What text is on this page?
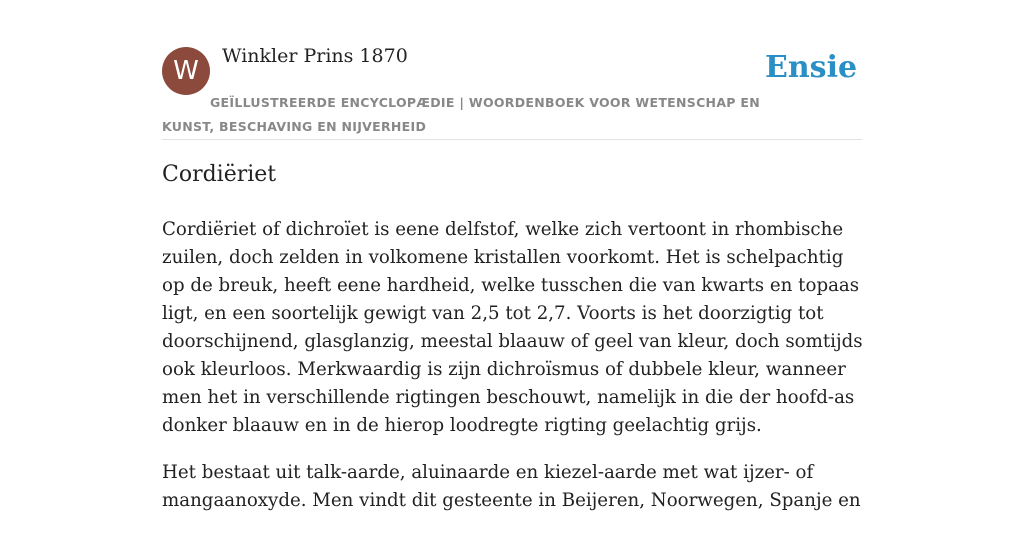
W	Winkler Prins 1870	Ensie
GEÏLLUSTREERDE ENCYCLOPÆDIE | WOORDENBOEK VOOR WETENSCHAP EN KUNST, BESCHAVING EN NIJVERHEID
Cordiëriet

Cordiëriet of dichroïet is eene delfstof, welke zich vertoont in rhombische zuilen, doch zelden in volkomene kristallen voorkomt. Het is schelpachtig op de breuk, heeft eene hardheid, welke tusschen die van kwarts en topaas ligt, en een soortelijk gewigt van 2,5 tot 2,7. Voorts is het doorzigtig tot doorschijnend, glasglanzig, meestal blaauw of geel van kleur, doch somtijds ook kleurloos. Merkwaardig is zijn dichroïsmus of dubbele kleur, wanneer men het in verschillende rigtingen beschouwt, namelijk in die der hoofd-as donker blaauw en in de hierop loodregte rigting geelachtig grijs.

Het bestaat uit talk-aarde, aluinaarde en kiezel-aarde met wat ijzer- of mangaanoxyde. Men vindt dit gesteente in Beijeren, Noorwegen, Spanje en
